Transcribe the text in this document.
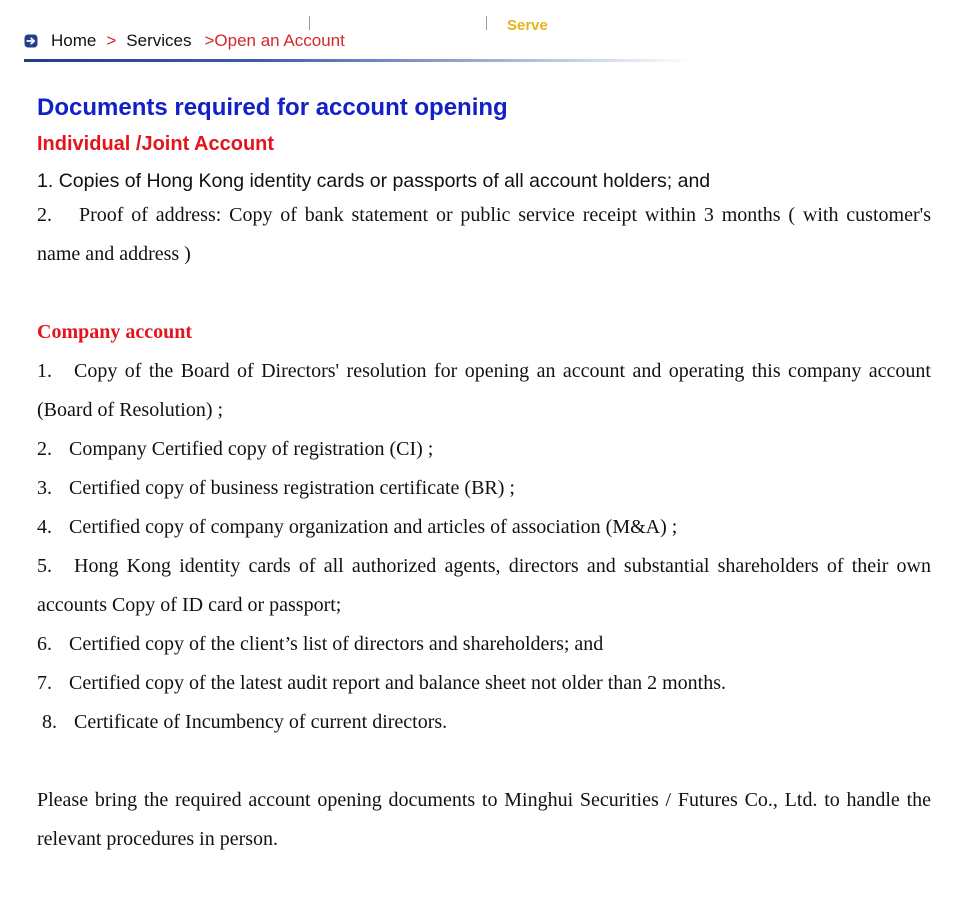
Serve
Home > Services >Open an Account
Documents required for account opening
Individual /Joint Account

1. Copies of Hong Kong identity cards or passports of all account holders; and

2. Proof of address: Copy of bank statement or public service receipt within 3 months ( with customer's name and address )

Company account

1. Copy of the Board of Directors' resolution for opening an account and operating this company account (Board of Resolution) ;

2. Company Certified copy of registration (CI) ;

3. Certified copy of business registration certificate (BR) ;

4. Certified copy of company organization and articles of association (M&A) ;

5. Hong Kong identity cards of all authorized agents, directors and substantial shareholders of their own accounts Copy of ID card or passport;

6. Certified copy of the client’s list of directors and shareholders; and

7. Certified copy of the latest audit report and balance sheet not older than 2 months.

8. Certificate of Incumbency of current directors.

Please bring the required account opening documents to Minghui Securities / Futures Co., Ltd. to handle the relevant procedures in person.
